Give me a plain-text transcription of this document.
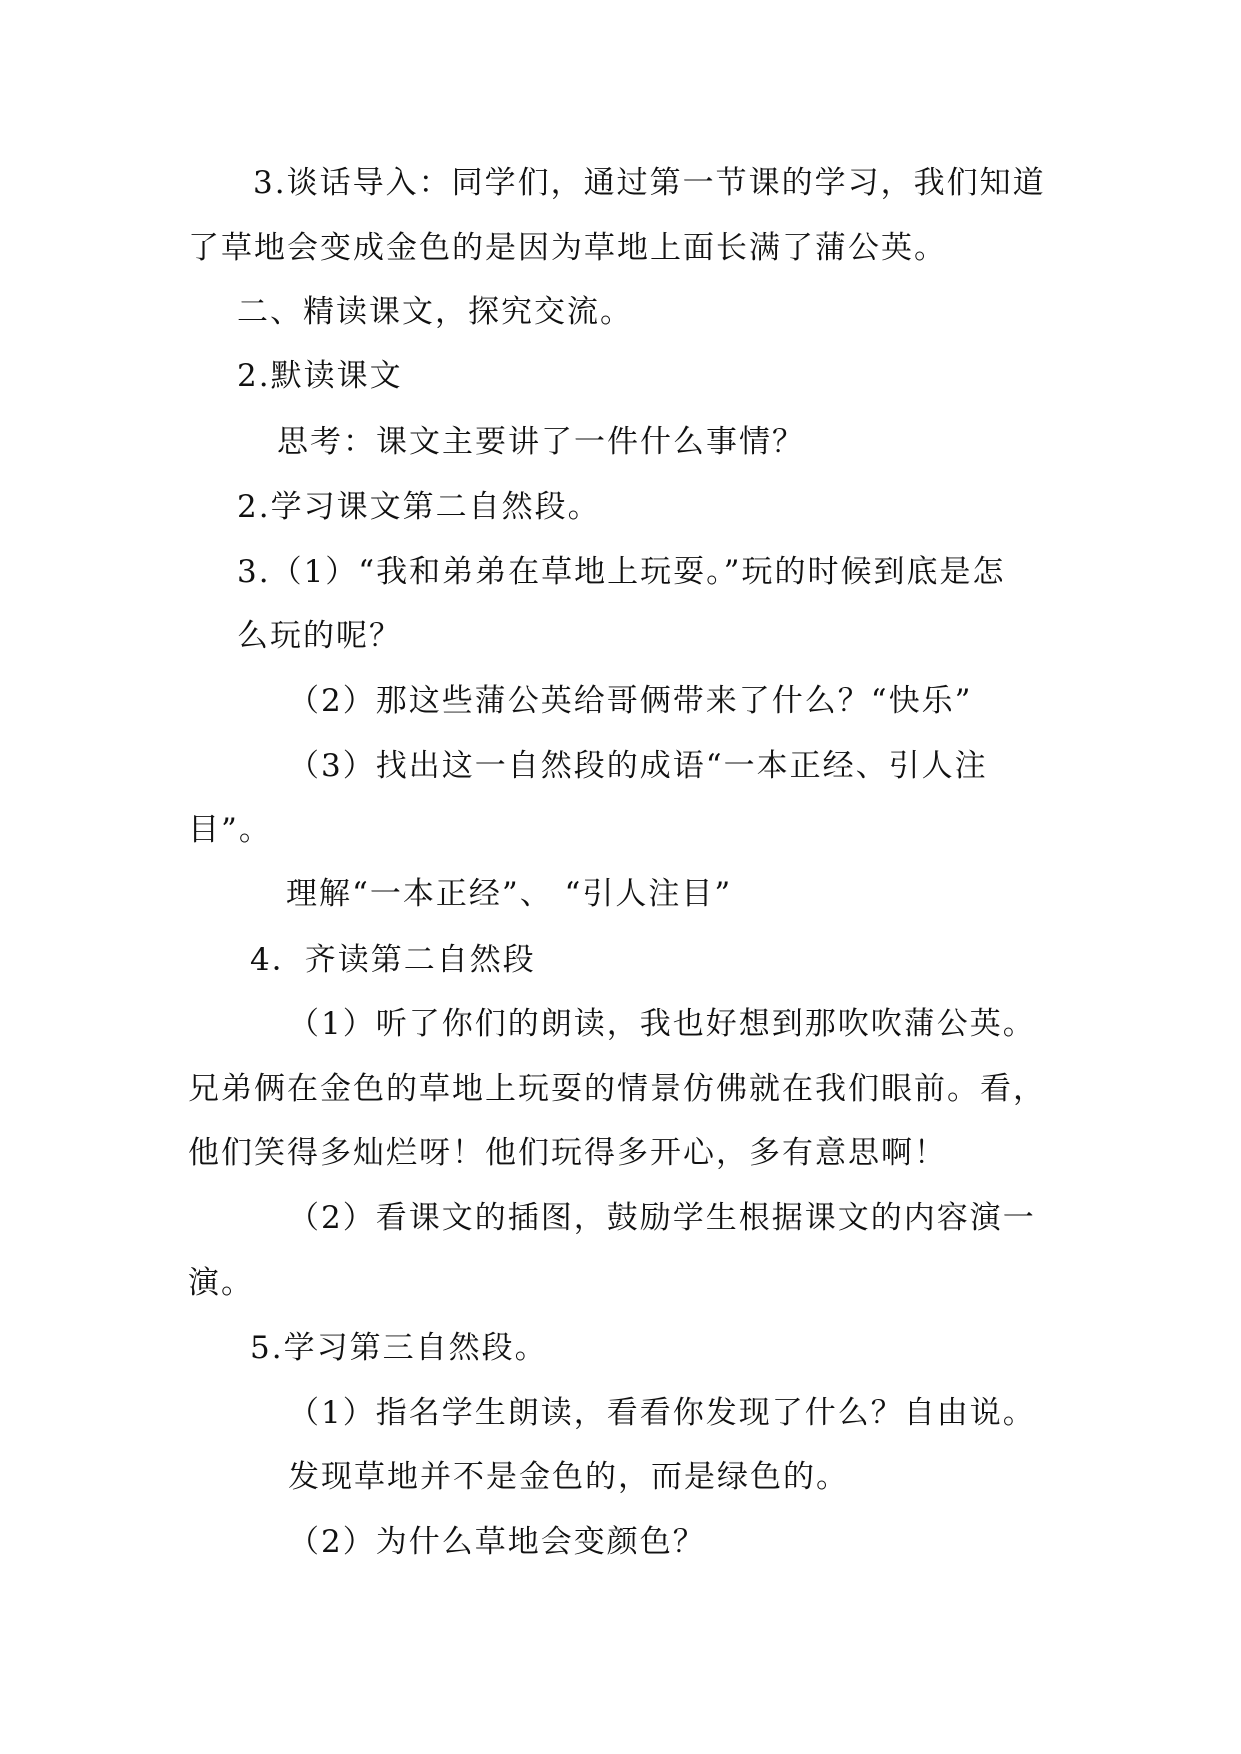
3.谈话导入：同学们，通过第一节课的学习，我们知道
了草地会变成金色的是因为草地上面长满了蒲公英。
二、精读课文，探究交流。
2.默读课文
思考：课文主要讲了一件什么事情？
2.学习课文第二自然段。
3.（1）“我和弟弟在草地上玩耍。”玩的时候到底是怎
么玩的呢？
（2）那这些蒲公英给哥俩带来了什么？“快乐”
（3）找出这一自然段的成语“一本正经、引人注
目”。
理解“一本正经”、 “引人注目”
4．齐读第二自然段
（1）听了你们的朗读，我也好想到那吹吹蒲公英。
兄弟俩在金色的草地上玩耍的情景仿佛就在我们眼前。看，
他们笑得多灿烂呀！他们玩得多开心，多有意思啊！
（2）看课文的插图，鼓励学生根据课文的内容演一
演。
5.学习第三自然段。
（1）指名学生朗读，看看你发现了什么？自由说。
发现草地并不是金色的，而是绿色的。
（2）为什么草地会变颜色？
